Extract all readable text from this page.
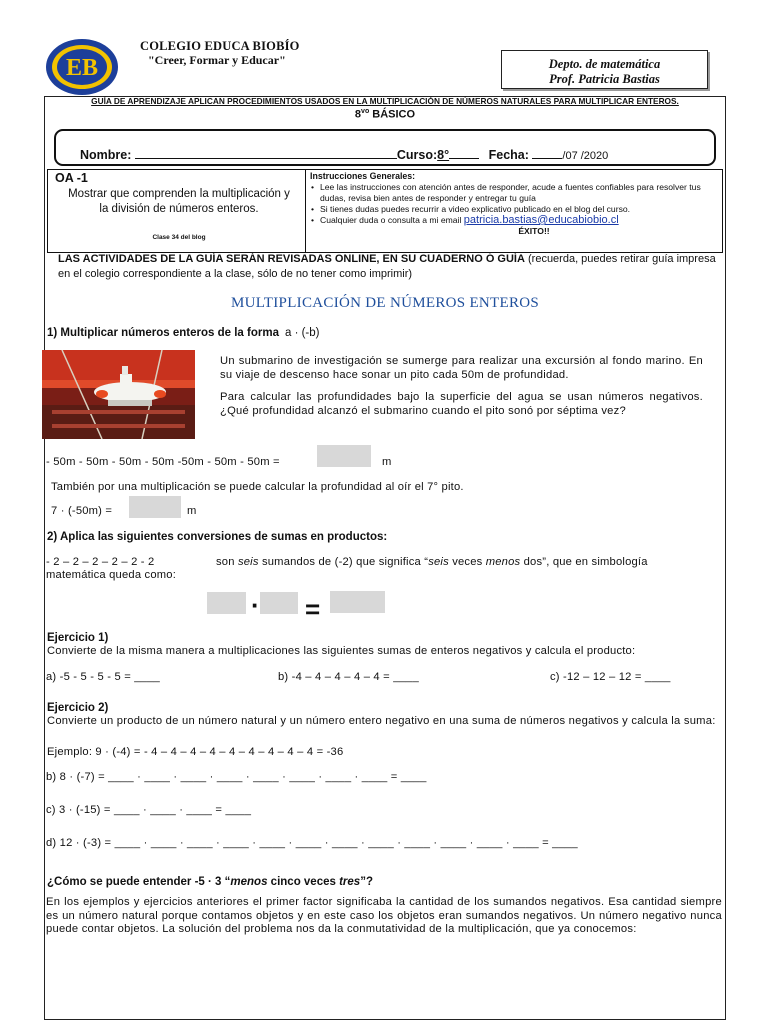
EB
COLEGIO EDUCA BIOBÍO
"Creer, Formar y Educar"	Depto. de matemática
Prof. Patricia Bastias
GUÍA DE APRENDIZAJE APLICAN PROCEDIMIENTOS USADOS EN LA MULTIPLICACIÓN DE NÚMEROS NATURALES PARA MULTIPLICAR ENTEROS.
$8^{vo}$ BÁSICO
Nombre:	Curso:8°	Fecha:	/07 /2020
OA -1
Mostrar que comprenden la multiplicación y la división de números enteros.
Clase 34 del blog
Instrucciones Generales:
• Lee las instrucciones con atención antes de responder, acude a fuentes confiables para resolver tus dudas, revisa bien antes de responder y entregar tu guía
• Si tienes dudas puedes recurrir a video explicativo publicado en el blog del curso.
• Cualquier duda o consulta a mi email patricia.bastias@educabiobio.cl
ÉXITO!!
LAS ACTIVIDADES DE LA GUÍA SERÁN REVISADAS ONLINE, EN SU CUADERNO Ó GUÍA (recuerda, puedes retirar guía impresa en el colegio correspondiente a la clase, sólo de no tener como imprimir)
MULTIPLICACIÓN DE NÚMEROS ENTEROS
1) Multiplicar números enteros de la forma a · (-b)
Un submarino de investigación se sumerge para realizar una excursión al fondo marino. En su viaje de descenso hace sonar un pito cada 50m de profundidad.
Para calcular las profundidades bajo la superficie del agua se usan números negativos. ¿Qué profundidad alcanzó el submarino cuando el pito sonó por séptima vez?
- 50m - 50m - 50m - 50m -50m - 50m - 50m =	m
También por una multiplicación se puede calcular la profundidad al oír el 7° pito.
7 · (-50m) =	m
2) Aplica las siguientes conversiones de sumas en productos:
- 2 – 2 – 2 – 2 – 2 - 2	son seis sumandos de (-2) que significa “seis veces menos dos”, que en simbología
matemática queda como:
· =
Ejercicio 1)
Convierte de la misma manera a multiplicaciones las siguientes sumas de enteros negativos y calcula el producto:
a) -5 - 5 - 5 - 5 = ____	b) -4 – 4 – 4 – 4 – 4 = ____	c) -12 – 12 – 12 = ____
Ejercicio 2)
Convierte un producto de un número natural y un número entero negativo en una suma de números negativos y calcula la suma:
Ejemplo: 9 · (-4) = - 4 – 4 – 4 – 4 – 4 – 4 – 4 – 4 – 4 = -36
b) 8 · (-7) = ____ · ____ · ____ · ____ · ____ · ____ · ____ · ____ = ____
c) 3 · (-15) = ____ · ____ · ____ = ____
d) 12 · (-3) = ____ · ____ · ____ · ____ · ____ · ____ · ____ · ____ · ____ · ____ · ____ · ____ = ____
¿Cómo se puede entender -5 · 3 “menos cinco veces tres”?
En los ejemplos y ejercicios anteriores el primer factor significaba la cantidad de los sumandos negativos. Esa cantidad siempre es un número natural porque contamos objetos y en este caso los objetos eran sumandos negativos. Un número negativo nunca puede contar objetos. La solución del problema nos da la conmutatividad de la multiplicación, que ya conocemos:
